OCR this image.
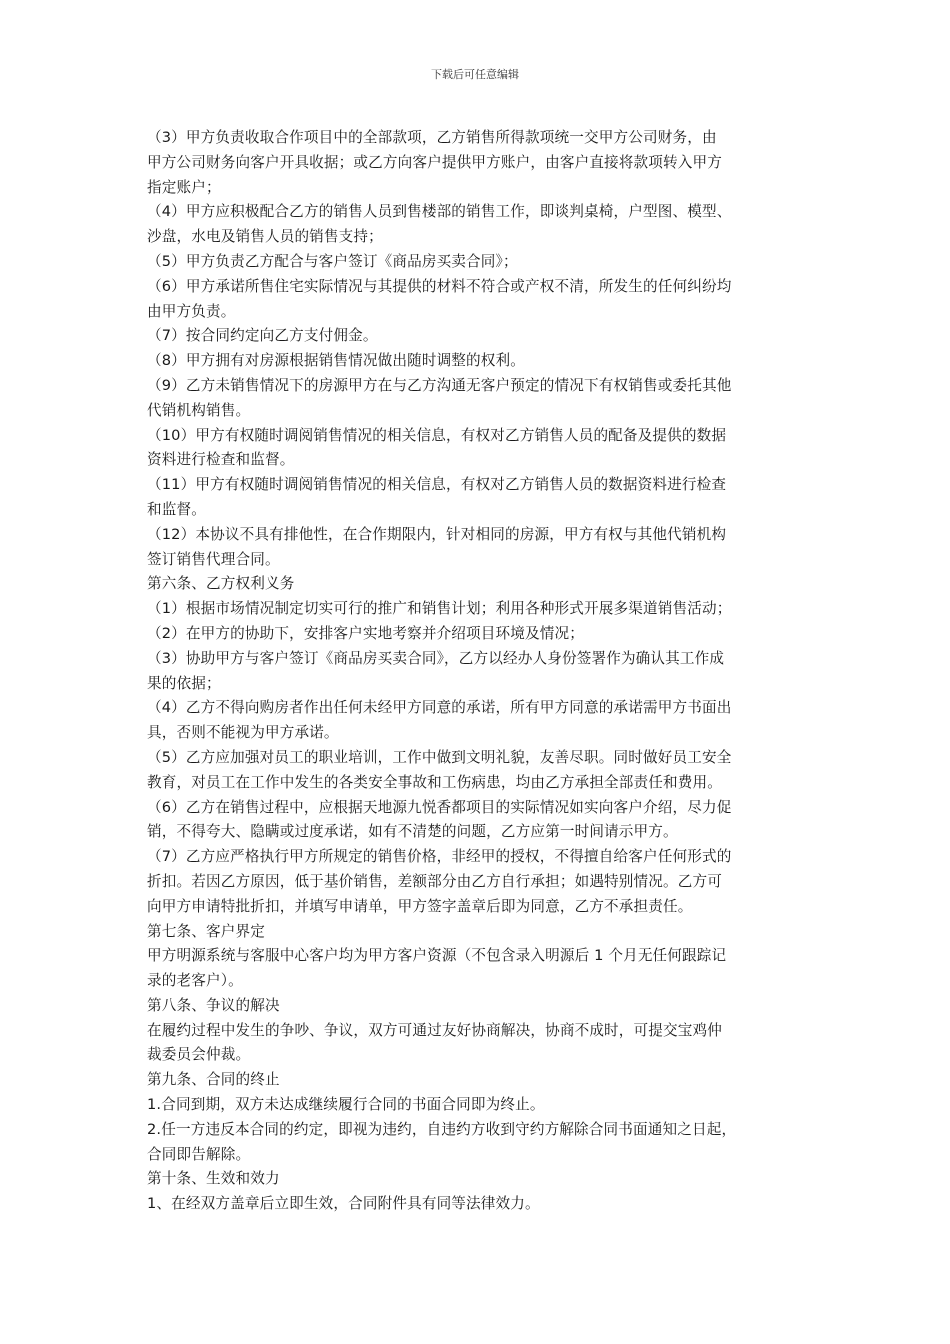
下载后可任意编辑
（3）甲方负责收取合作项目中的全部款项，乙方销售所得款项统一交甲方公司财务，由
甲方公司财务向客户开具收据；或乙方向客户提供甲方账户，由客户直接将款项转入甲方
指定账户；
（4）甲方应积极配合乙方的销售人员到售楼部的销售工作，即谈判桌椅，户型图、模型、
沙盘，水电及销售人员的销售支持；
（5）甲方负责乙方配合与客户签订《商品房买卖合同》；
（6）甲方承诺所售住宅实际情况与其提供的材料不符合或产权不清，所发生的任何纠纷均
由甲方负责。
（7）按合同约定向乙方支付佣金。
（8）甲方拥有对房源根据销售情况做出随时调整的权利。
（9）乙方未销售情况下的房源甲方在与乙方沟通无客户预定的情况下有权销售或委托其他
代销机构销售。
（10）甲方有权随时调阅销售情况的相关信息，有权对乙方销售人员的配备及提供的数据
资料进行检查和监督。
（11）甲方有权随时调阅销售情况的相关信息，有权对乙方销售人员的数据资料进行检查
和监督。
（12）本协议不具有排他性，在合作期限内，针对相同的房源，甲方有权与其他代销机构
签订销售代理合同。
第六条、乙方权利义务
（1）根据市场情况制定切实可行的推广和销售计划；利用各种形式开展多渠道销售活动；
（2）在甲方的协助下，安排客户实地考察并介绍项目环境及情况；
（3）协助甲方与客户签订《商品房买卖合同》，乙方以经办人身份签署作为确认其工作成
果的依据；
（4）乙方不得向购房者作出任何未经甲方同意的承诺，所有甲方同意的承诺需甲方书面出
具，否则不能视为甲方承诺。
（5）乙方应加强对员工的职业培训，工作中做到文明礼貌，友善尽职。同时做好员工安全
教育，对员工在工作中发生的各类安全事故和工伤病患，均由乙方承担全部责任和费用。
（6）乙方在销售过程中，应根据天地源九悦香都项目的实际情况如实向客户介绍，尽力促
销，不得夸大、隐瞒或过度承诺，如有不清楚的问题，乙方应第一时间请示甲方。
（7）乙方应严格执行甲方所规定的销售价格，非经甲的授权，不得擅自给客户任何形式的
折扣。若因乙方原因，低于基价销售，差额部分由乙方自行承担；如遇特别情况。乙方可
向甲方申请特批折扣，并填写申请单，甲方签字盖章后即为同意，乙方不承担责任。
第七条、客户界定
甲方明源系统与客服中心客户均为甲方客户资源（不包含录入明源后 1 个月无任何跟踪记
录的老客户）。
第八条、争议的解决
在履约过程中发生的争吵、争议，双方可通过友好协商解决，协商不成时，可提交宝鸡仲
裁委员会仲裁。
第九条、合同的终止
1.合同到期，双方未达成继续履行合同的书面合同即为终止。
2.任一方违反本合同的约定，即视为违约，自违约方收到守约方解除合同书面通知之日起，
合同即告解除。
第十条、生效和效力
1、在经双方盖章后立即生效，合同附件具有同等法律效力。
